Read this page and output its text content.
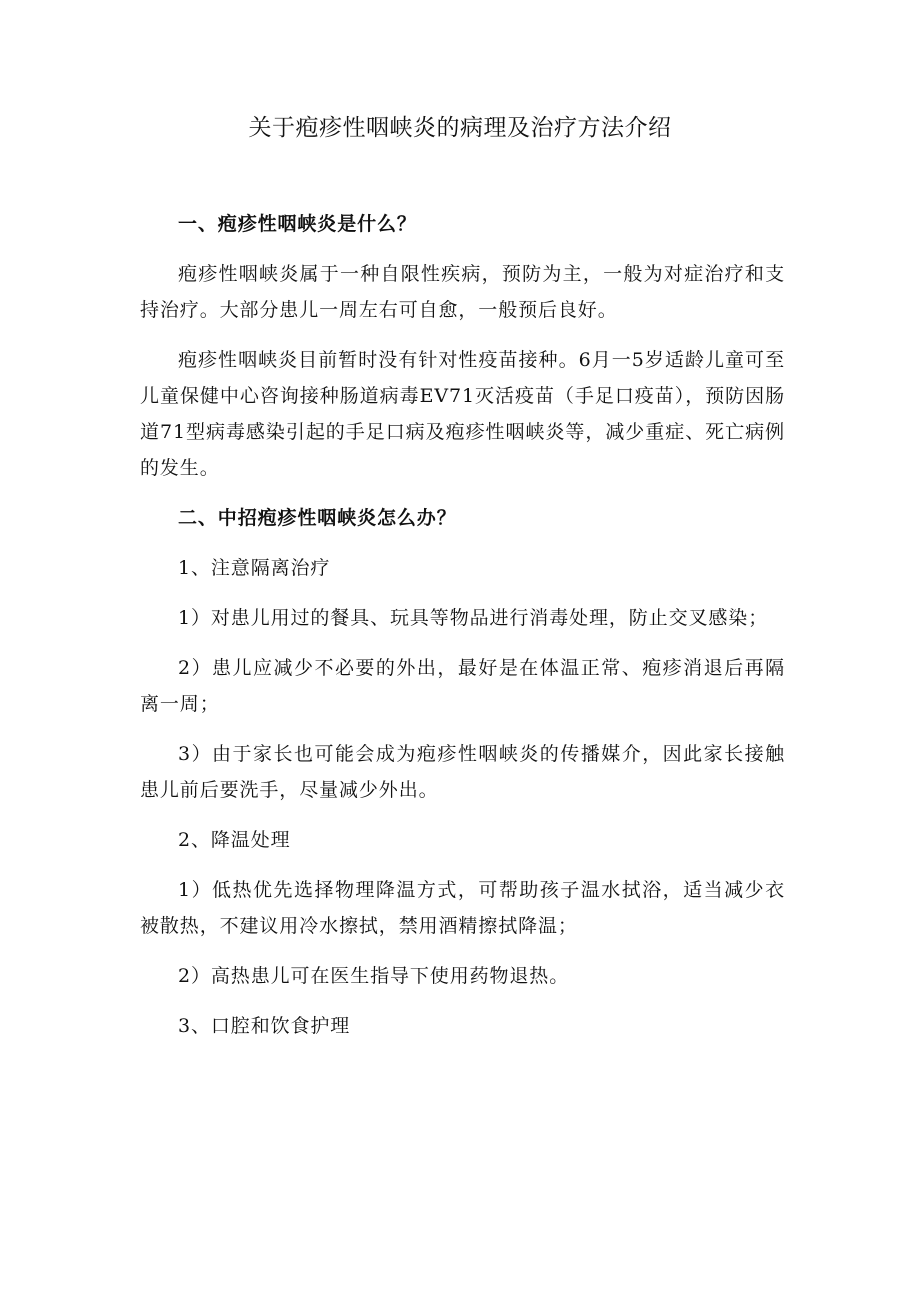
关于疱疹性咽峡炎的病理及治疗方法介绍

一、疱疹性咽峡炎是什么？

疱疹性咽峡炎属于一种自限性疾病，预防为主，一般为对症治疗和支持治疗。大部分患儿一周左右可自愈，一般预后良好。

疱疹性咽峡炎目前暂时没有针对性疫苗接种。6月一5岁适龄儿童可至儿童保健中心咨询接种肠道病毒EV71灭活疫苗（手足口疫苗），预防因肠道71型病毒感染引起的手足口病及疱疹性咽峡炎等，减少重症、死亡病例的发生。

二、中招疱疹性咽峡炎怎么办？

1、注意隔离治疗

1）对患儿用过的餐具、玩具等物品进行消毒处理，防止交叉感染；

2）患儿应减少不必要的外出，最好是在体温正常、疱疹消退后再隔离一周；

3）由于家长也可能会成为疱疹性咽峡炎的传播媒介，因此家长接触患儿前后要洗手，尽量减少外出。

2、降温处理

1）低热优先选择物理降温方式，可帮助孩子温水拭浴，适当减少衣被散热，不建议用冷水擦拭，禁用酒精擦拭降温；

2）高热患儿可在医生指导下使用药物退热。

3、口腔和饮食护理
